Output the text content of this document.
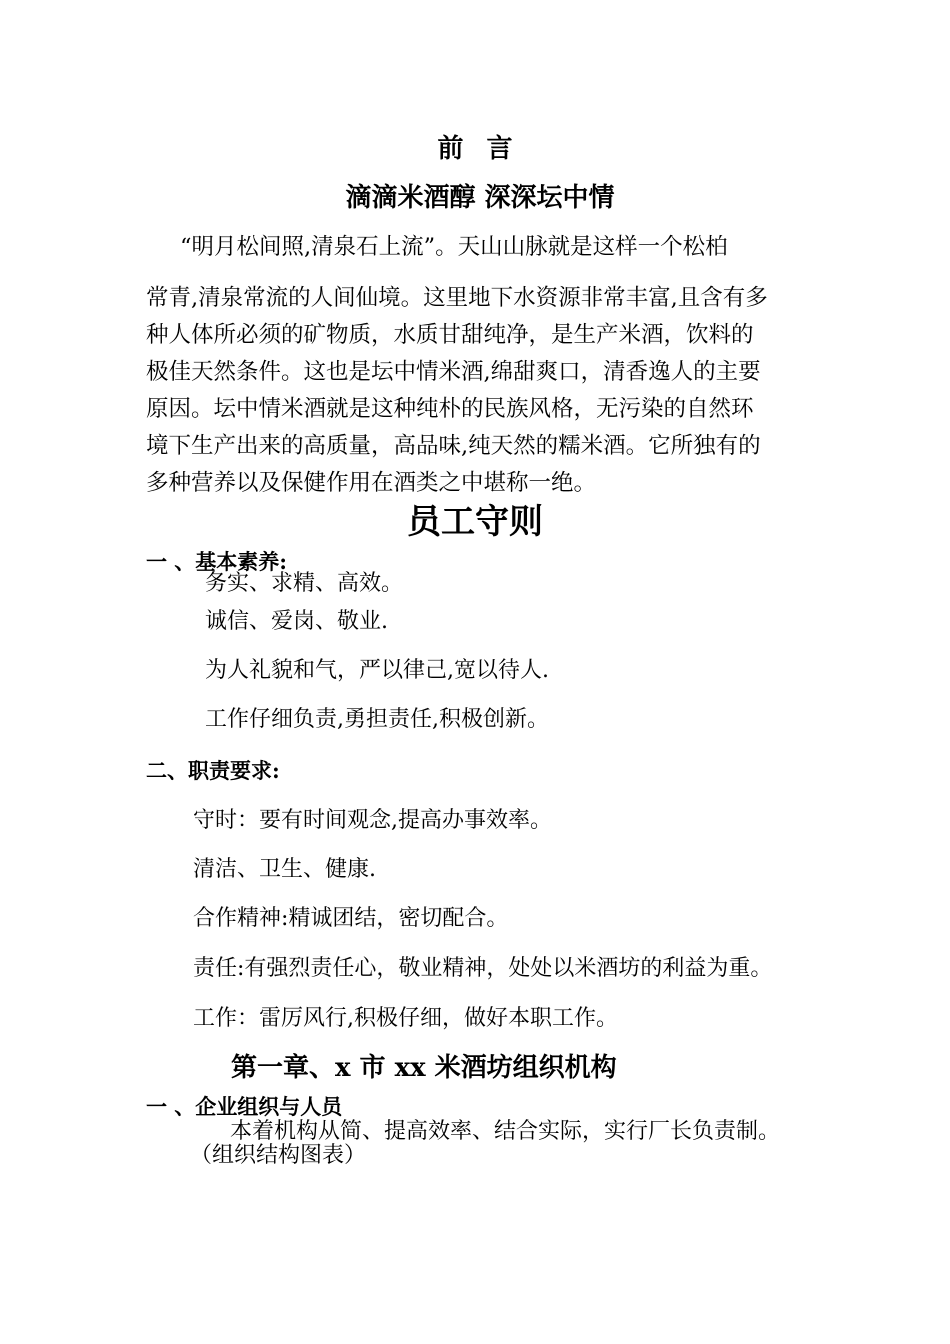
前 言
滴滴米酒醇 深深坛中情
“明月松间照,清泉石上流”。天山山脉就是这样一个松柏
常青,清泉常流的人间仙境。这里地下水资源非常丰富,且含有多
种人体所必须的矿物质，水质甘甜纯净，是生产米酒，饮料的
极佳天然条件。这也是坛中情米酒,绵甜爽口，清香逸人的主要
原因。坛中情米酒就是这种纯朴的民族风格，无污染的自然环
境下生产出来的高质量，高品味,纯天然的糯米酒。它所独有的
多种营养以及保健作用在酒类之中堪称一绝。
员工守则
一 、基本素养:
务实、求精、高效。
诚信、爱岗、敬业.
为人礼貌和气，严以律己,宽以待人.
工作仔细负责,勇担责任,积极创新。
二、职责要求:
守时：要有时间观念,提高办事效率。
清洁、卫生、健康.
合作精神:精诚团结，密切配合。
责任:有强烈责任心，敬业精神，处处以米酒坊的利益为重。
工作：雷厉风行,积极仔细，做好本职工作。
第一章、x 市 xx 米酒坊组织机构
一 、企业组织与人员
本着机构从简、提高效率、结合实际，实行厂长负责制。
（组织结构图表）
